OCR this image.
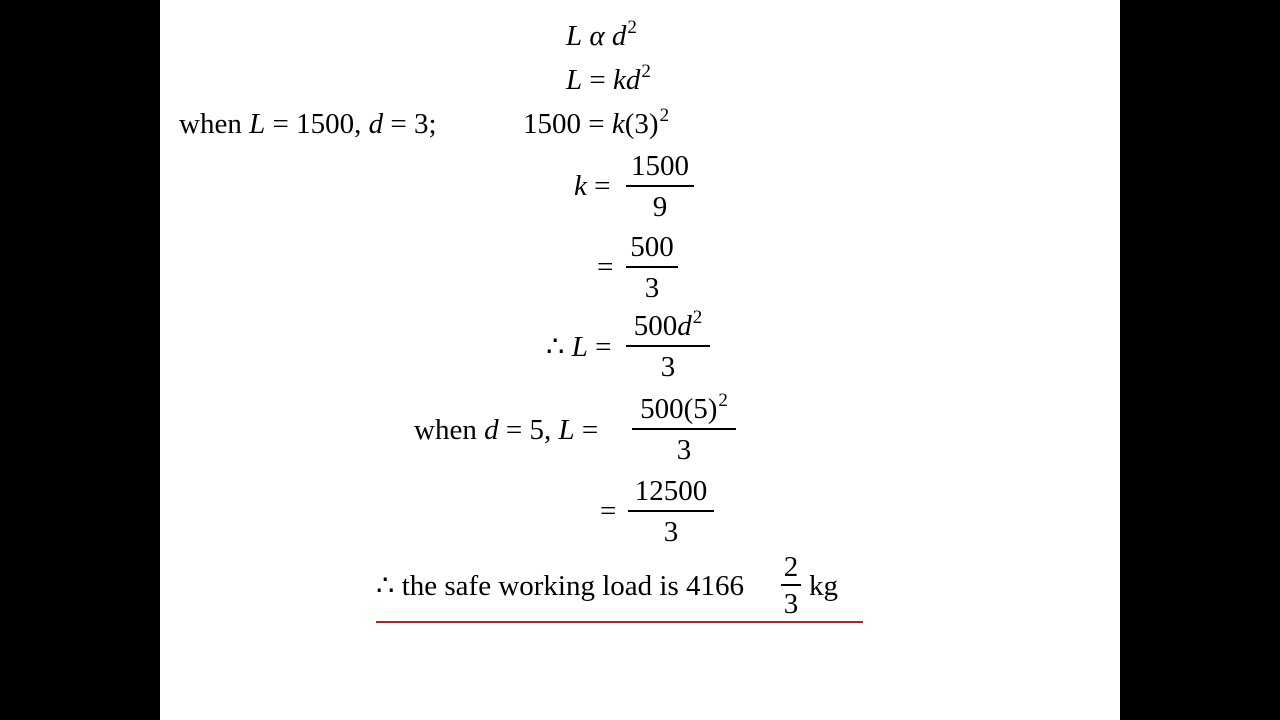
L α $d^2$
$L = kd^2$
when L = 1500, d = 3;	$1500 = k(3)^2$
k =
1500
9
=
500
3
∴ L =
$500d^2$
3
when d = 5, L =
$500(5)^2$
3
=
12500
3
∴ the safe working load is 4166
2
3
kg
